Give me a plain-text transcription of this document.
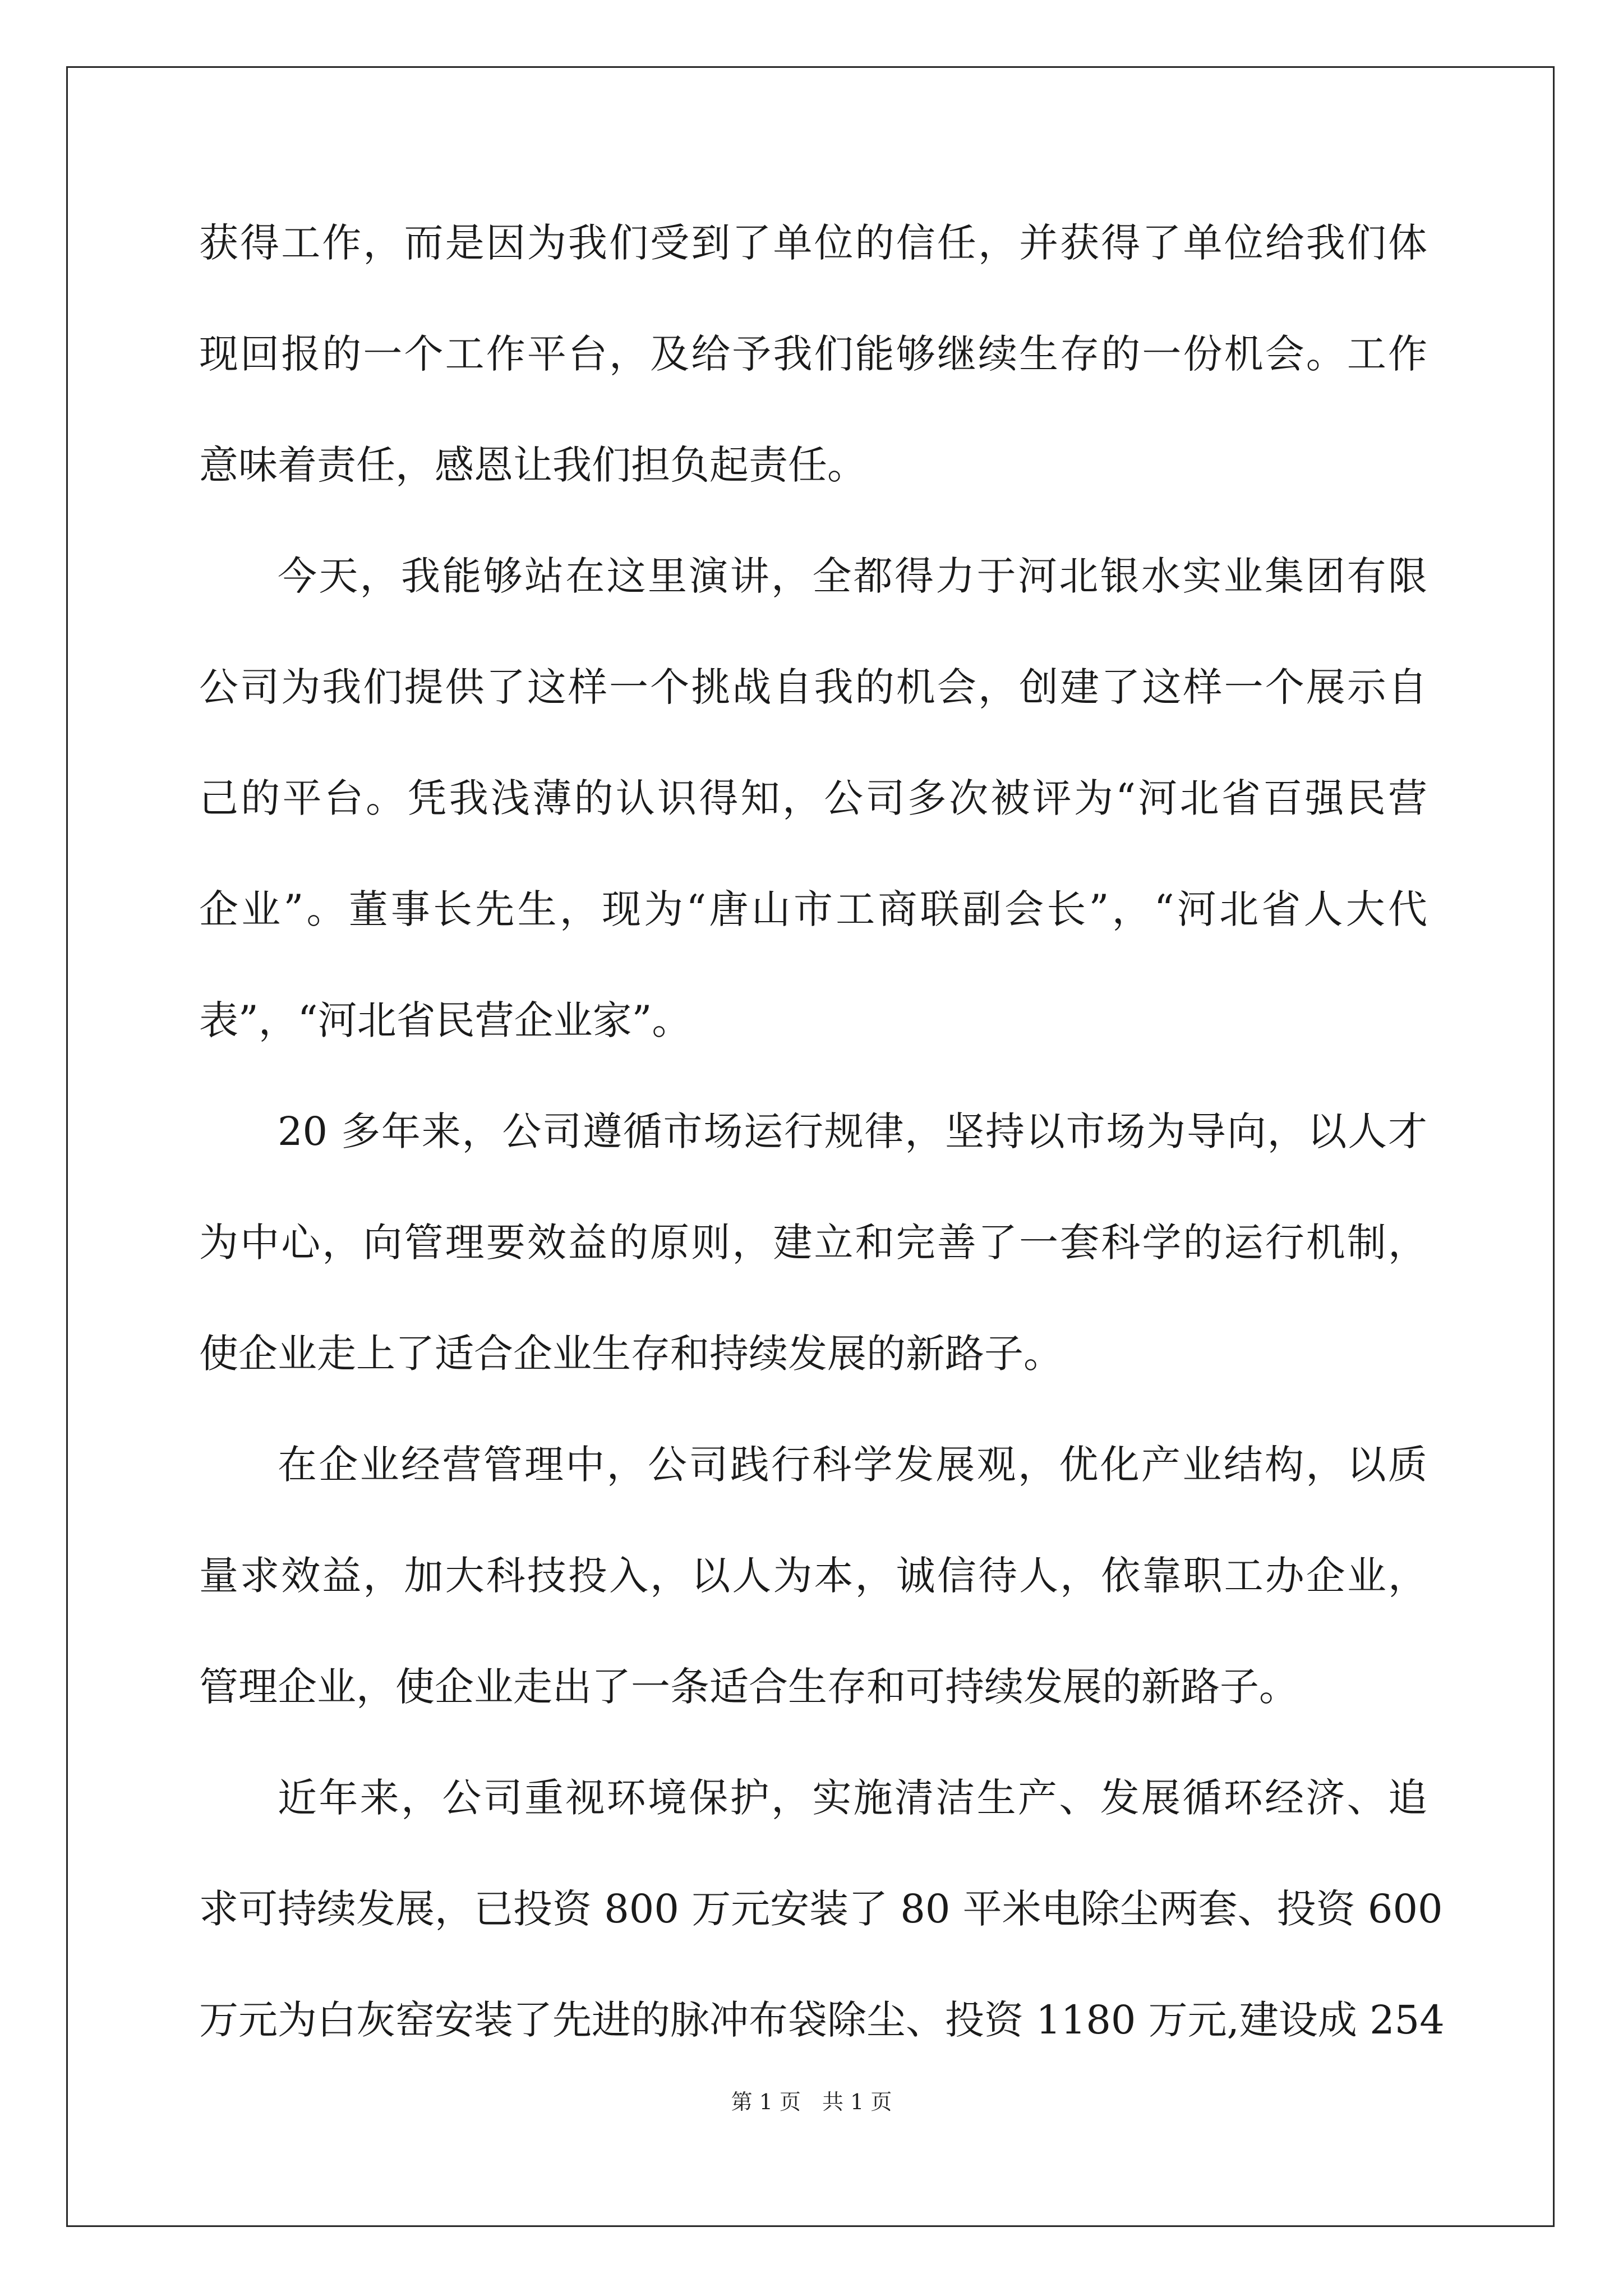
获得工作，而是因为我们受到了单位的信任，并获得了单位给我们体
现回报的一个工作平台，及给予我们能够继续生存的一份机会。工作
意味着责任，感恩让我们担负起责任。
今天，我能够站在这里演讲，全都得力于河北银水实业集团有限
公司为我们提供了这样一个挑战自我的机会，创建了这样一个展示自
己的平台。凭我浅薄的认识得知，公司多次被评为“河北省百强民营
企业”。董事长先生，现为“唐山市工商联副会长”，“河北省人大代
表”，“河北省民营企业家”。
20 多年来，公司遵循市场运行规律，坚持以市场为导向，以人才
为中心，向管理要效益的原则，建立和完善了一套科学的运行机制，
使企业走上了适合企业生存和持续发展的新路子。
在企业经营管理中，公司践行科学发展观，优化产业结构，以质
量求效益，加大科技投入，以人为本，诚信待人，依靠职工办企业，
管理企业，使企业走出了一条适合生存和可持续发展的新路子。
近年来，公司重视环境保护，实施清洁生产、发展循环经济、追
求可持续发展，已投资 800 万元安装了 80 平米电除尘两套、投资 600
万元为白灰窑安装了先进的脉冲布袋除尘、投资 1180 万元,建设成 254
第 1 页　共 1 页
